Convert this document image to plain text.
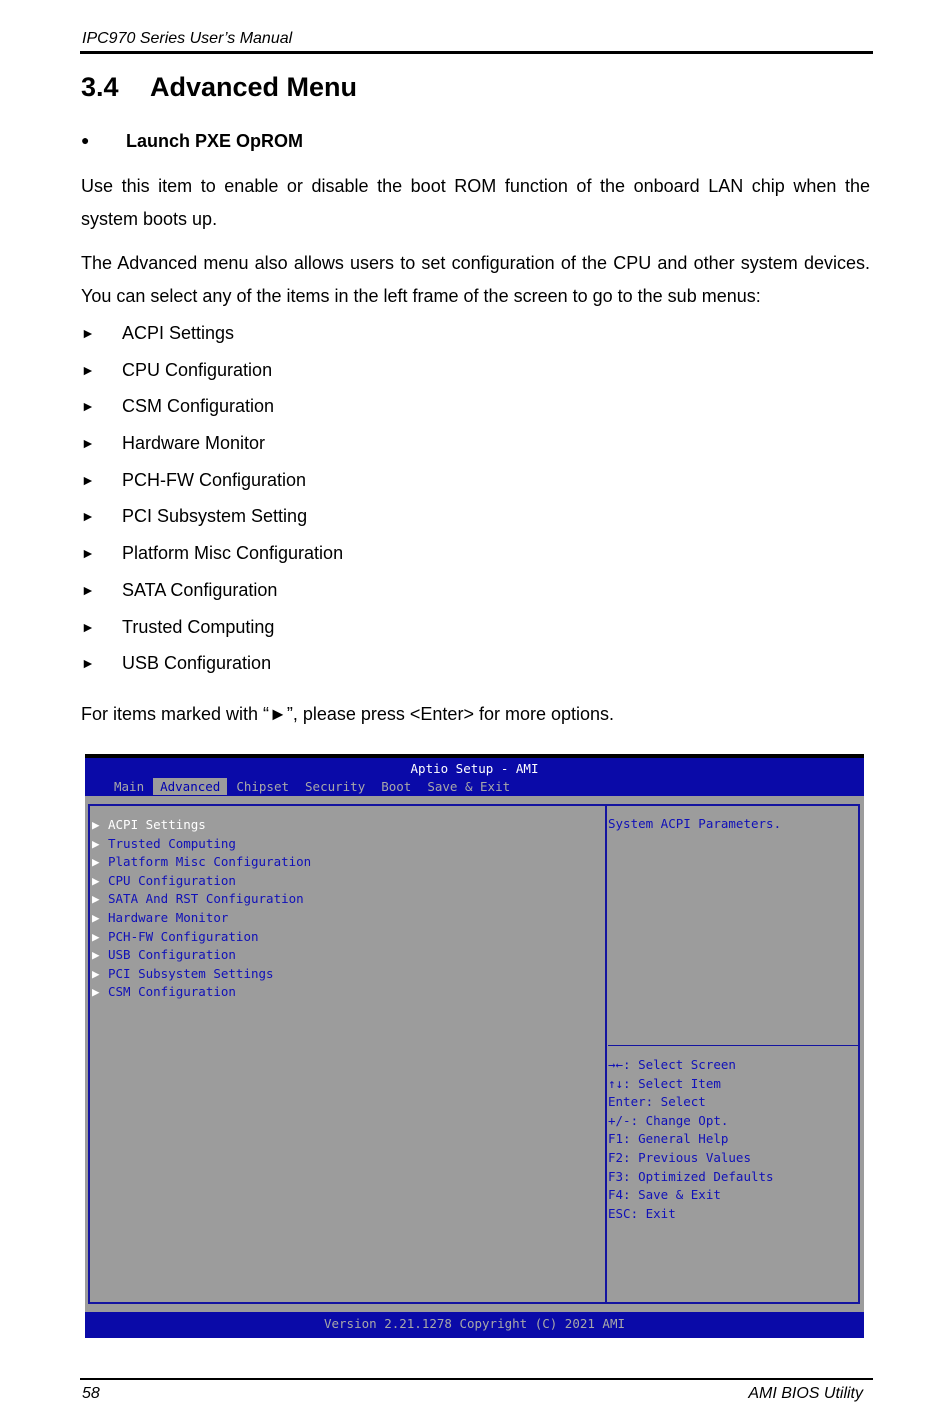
IPC970 Series User’s Manual
3.4 Advanced Menu
● Launch PXE OpROM
Use this item to enable or disable the boot ROM function of the onboard LAN chip when the system boots up.
The Advanced menu also allows users to set configuration of the CPU and other system devices. You can select any of the items in the left frame of the screen to go to the sub menus:
► ACPI Settings
► CPU Configuration
► CSM Configuration
► Hardware Monitor
► PCH-FW Configuration
► PCI Subsystem Setting
► Platform Misc Configuration
► SATA Configuration
► Trusted Computing
► USB Configuration
For items marked with “►”, please press <Enter> for more options.
Aptio Setup - AMI
Main	Advanced	Chipset	Security	Boot	Save & Exit
▶ ACPI Settings
▶ Trusted Computing
▶ Platform Misc Configuration
▶ CPU Configuration
▶ SATA And RST Configuration
▶ Hardware Monitor
▶ PCH-FW Configuration
▶ USB Configuration
▶ PCI Subsystem Settings
▶ CSM Configuration
System ACPI Parameters.
→←: Select Screen
↑↓: Select Item
Enter: Select
+/-: Change Opt.
F1: General Help
F2: Previous Values
F3: Optimized Defaults
F4: Save & Exit
ESC: Exit
Version 2.21.1278 Copyright (C) 2021 AMI
58	AMI BIOS Utility
